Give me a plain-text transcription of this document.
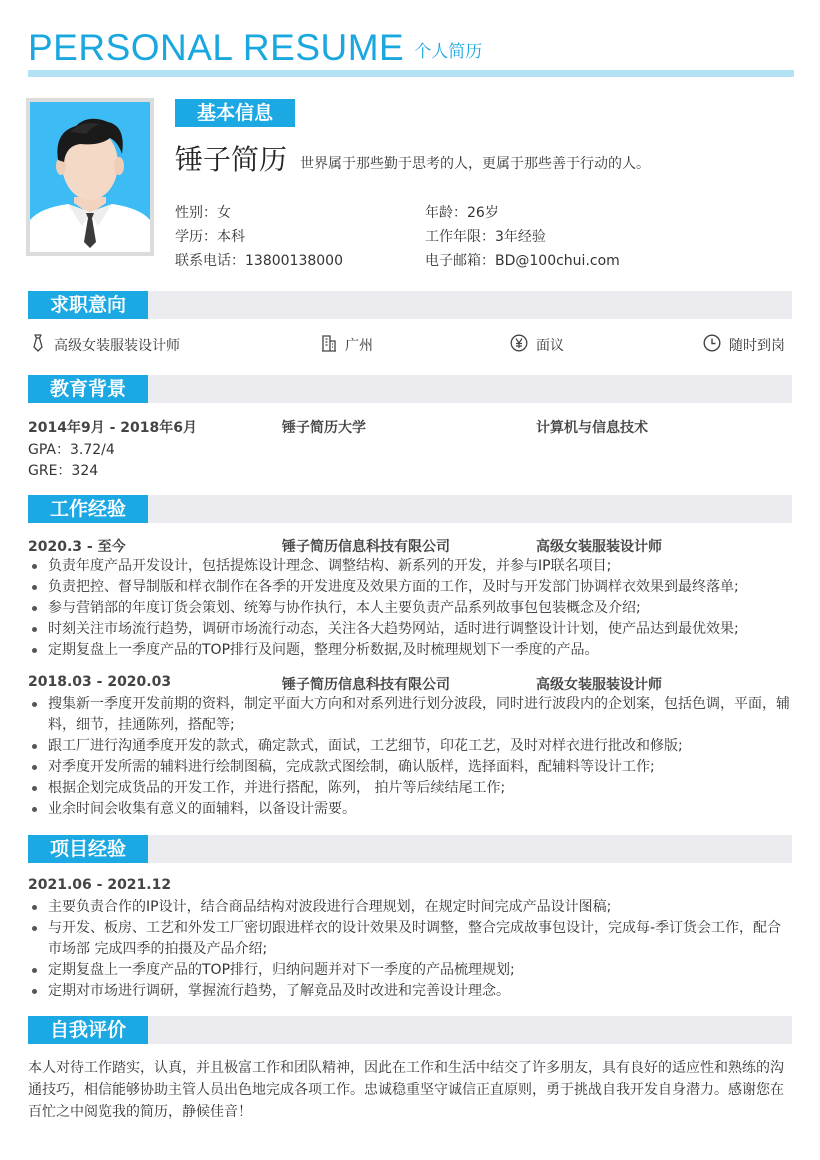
PERSONAL RESUME 个人简历
基本信息
锤子简历 世界属于那些勤于思考的人，更属于那些善于行动的人。
性别：女	年龄：26岁
学历：本科	工作年限：3年经验
联系电话：13800138000	电子邮箱：BD@100chui.com
求职意向
高级女装服装设计师	广州	面议	随时到岗
教育背景
2014年9月 - 2018年6月	锤子简历大学	计算机与信息技术
GPA：3.72/4
GRE：324
工作经验
2020.3 - 至今	锤子简历信息科技有限公司	高级女装服装设计师
负责年度产品开发设计，包括提炼设计理念、调整结构、新系列的开发，并参与IP联名项目;
负责把控、督导制版和样衣制作在各季的开发进度及效果方面的工作，及时与开发部门协调样衣效果到最终落单;
参与营销部的年度订货会策划、统筹与协作执行，本人主要负责产品系列故事包包装概念及介绍;
时刻关注市场流行趋势，调研市场流行动态，关注各大趋势网站，适时进行调整设计计划，使产品达到最优效果;
定期复盘上一季度产品的TOP排行及问题，整理分析数据,及时梳理规划下一季度的产品。
2018.03 - 2020.03	锤子简历信息科技有限公司	高级女装服装设计师
搜集新一季度开发前期的资料，制定平面大方向和对系列进行划分波段，同时进行波段内的企划案，包括色调，平面，辅料，细节，挂通陈列，搭配等;
跟工厂进行沟通季度开发的款式，确定款式，面试，工艺细节，印花工艺，及时对样衣进行批改和修版;
对季度开发所需的辅料进行绘制图稿，完成款式图绘制，确认版样，选择面料，配辅料等设计工作;
根据企划完成货品的开发工作，并进行搭配，陈列， 拍片等后续结尾工作;
业余时间会收集有意义的面辅料，以备设计需要。
项目经验
2021.06 - 2021.12
主要负责合作的IP设计，结合商品结构对波段进行合理规划，在规定时间完成产品设计图稿;
与开发、板房、工艺和外发工厂密切跟进样衣的设计效果及时调整，整合完成故事包设计，完成每-季订货会工作，配合市场部 完成四季的拍摄及产品介绍;
定期复盘上一季度产品的TOP排行，归纳问题并对下一季度的产品梳理规划;
定期对市场进行调研，掌握流行趋势，了解竟品及时改进和完善设计理念。
自我评价
本人对待工作踏实，认真，并且极富工作和团队精神，因此在工作和生活中结交了许多朋友，具有良好的适应性和熟练的沟通技巧，相信能够协助主管人员出色地完成各项工作。忠诚稳重坚守诚信正直原则，勇于挑战自我开发自身潜力。感谢您在百忙之中阅览我的简历，静候佳音！
